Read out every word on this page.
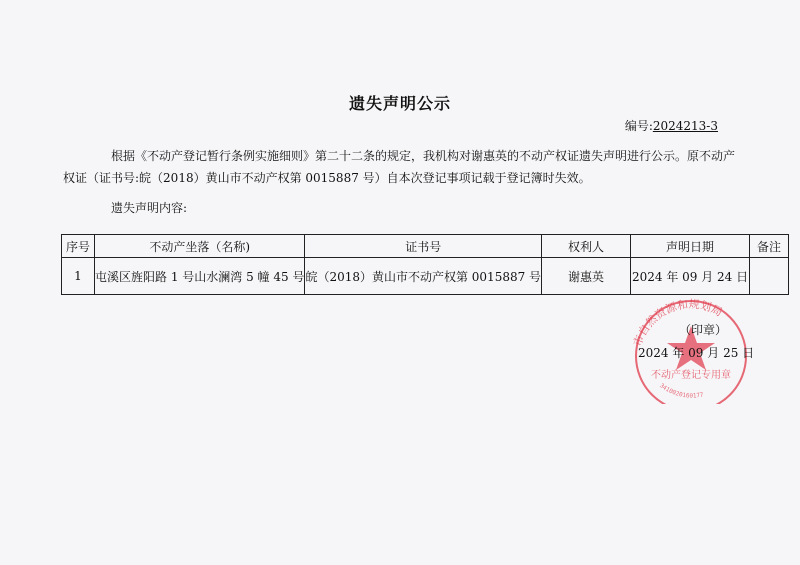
遗失声明公示
编号:2024213-3
根据《不动产登记暂行条例实施细则》第二十二条的规定，我机构对谢惠英的不动产权证遗失声明进行公示。原不动产权证（证书号:皖（2018）黄山市不动产权第 0015887 号）自本次登记事项记载于登记簿时失效。
遗失声明内容:
序号	不动产坐落（名称)	证书号	权利人	声明日期	备注
1	屯溪区旌阳路 1 号山水澜湾 5 幢 45 号	皖（2018）黄山市不动产权第 0015887 号	谢惠英	2024 年 09 月 24 日	
市自然资源和规划局
不动产登记专用章
3410020160177
（印章）
2024 年 09 月 25 日
